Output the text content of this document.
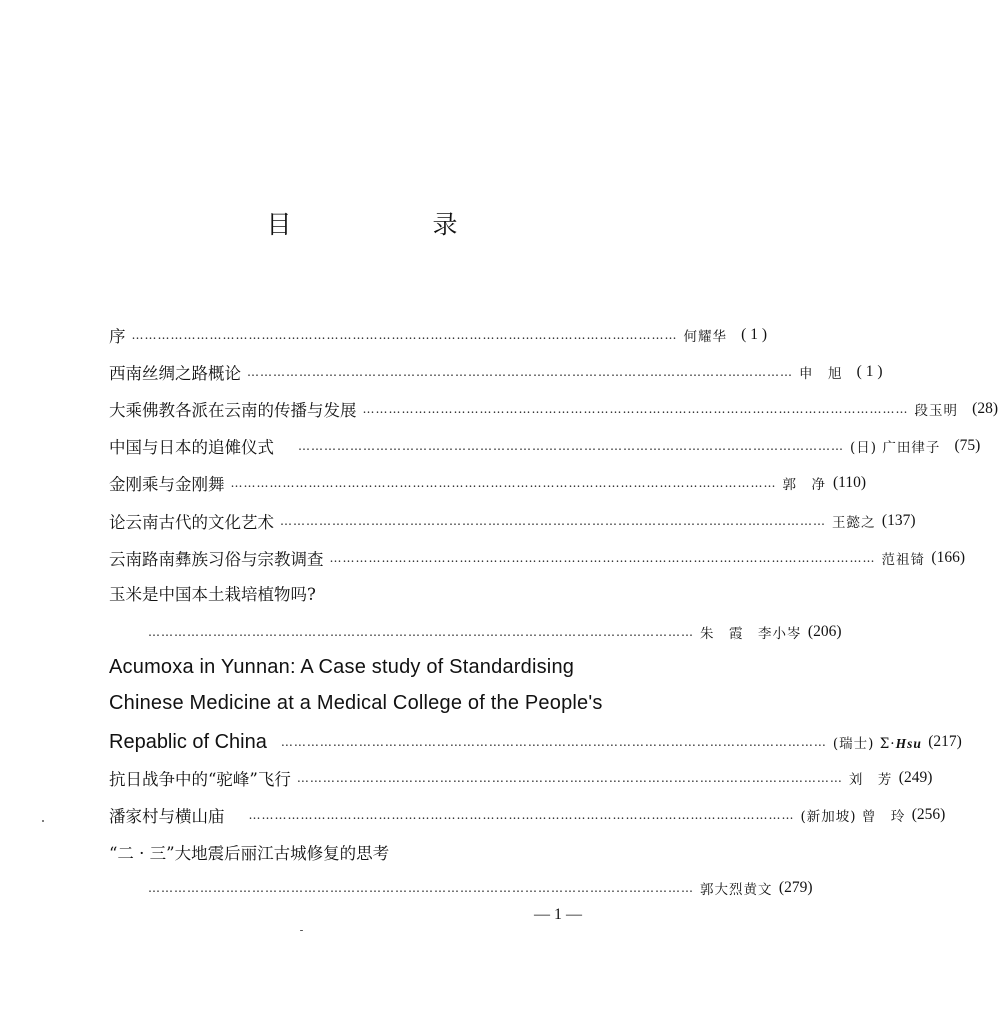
目　录
序 ……………………………………………………………………………………………………………… 何耀华 ( 1 )
西南丝绸之路概论 ……………………………………………………………………………………………………………… 申　旭 ( 1 )
大乘佛教各派在云南的传播与发展 ……………………………………………………………………………………………………………… 段玉明 (28)
中国与日本的追傩仪式 ……………………………………………………………………………………………………………… (日) 广田律子 (75)
金刚乘与金刚舞 ……………………………………………………………………………………………………………… 郭　净 (110)
论云南古代的文化艺术 ……………………………………………………………………………………………………………… 王懿之 (137)
云南路南彝族习俗与宗教调查 ……………………………………………………………………………………………………………… 范祖锜 (166)
玉米是中国本土栽培植物吗?
……………………………………………………………………………………………………………… 朱　霞　李小岑 (206)
Acumoxa in Yunnan: A Case study of Standardising
Chinese Medicine at a Medical College of the People's
Repablic of China ……………………………………………………………………………………………………………… (瑞士) Σ·Hsu (217)
抗日战争中的“驼峰”飞行 ……………………………………………………………………………………………………………… 刘　芳 (249)
潘家村与横山庙 ……………………………………………………………………………………………………………… (新加坡) 曾　玲 (256)
“二 · 三”大地震后丽江古城修复的思考
……………………………………………………………………………………………………………… 郭大烈黄文 (279)
— 1 —
